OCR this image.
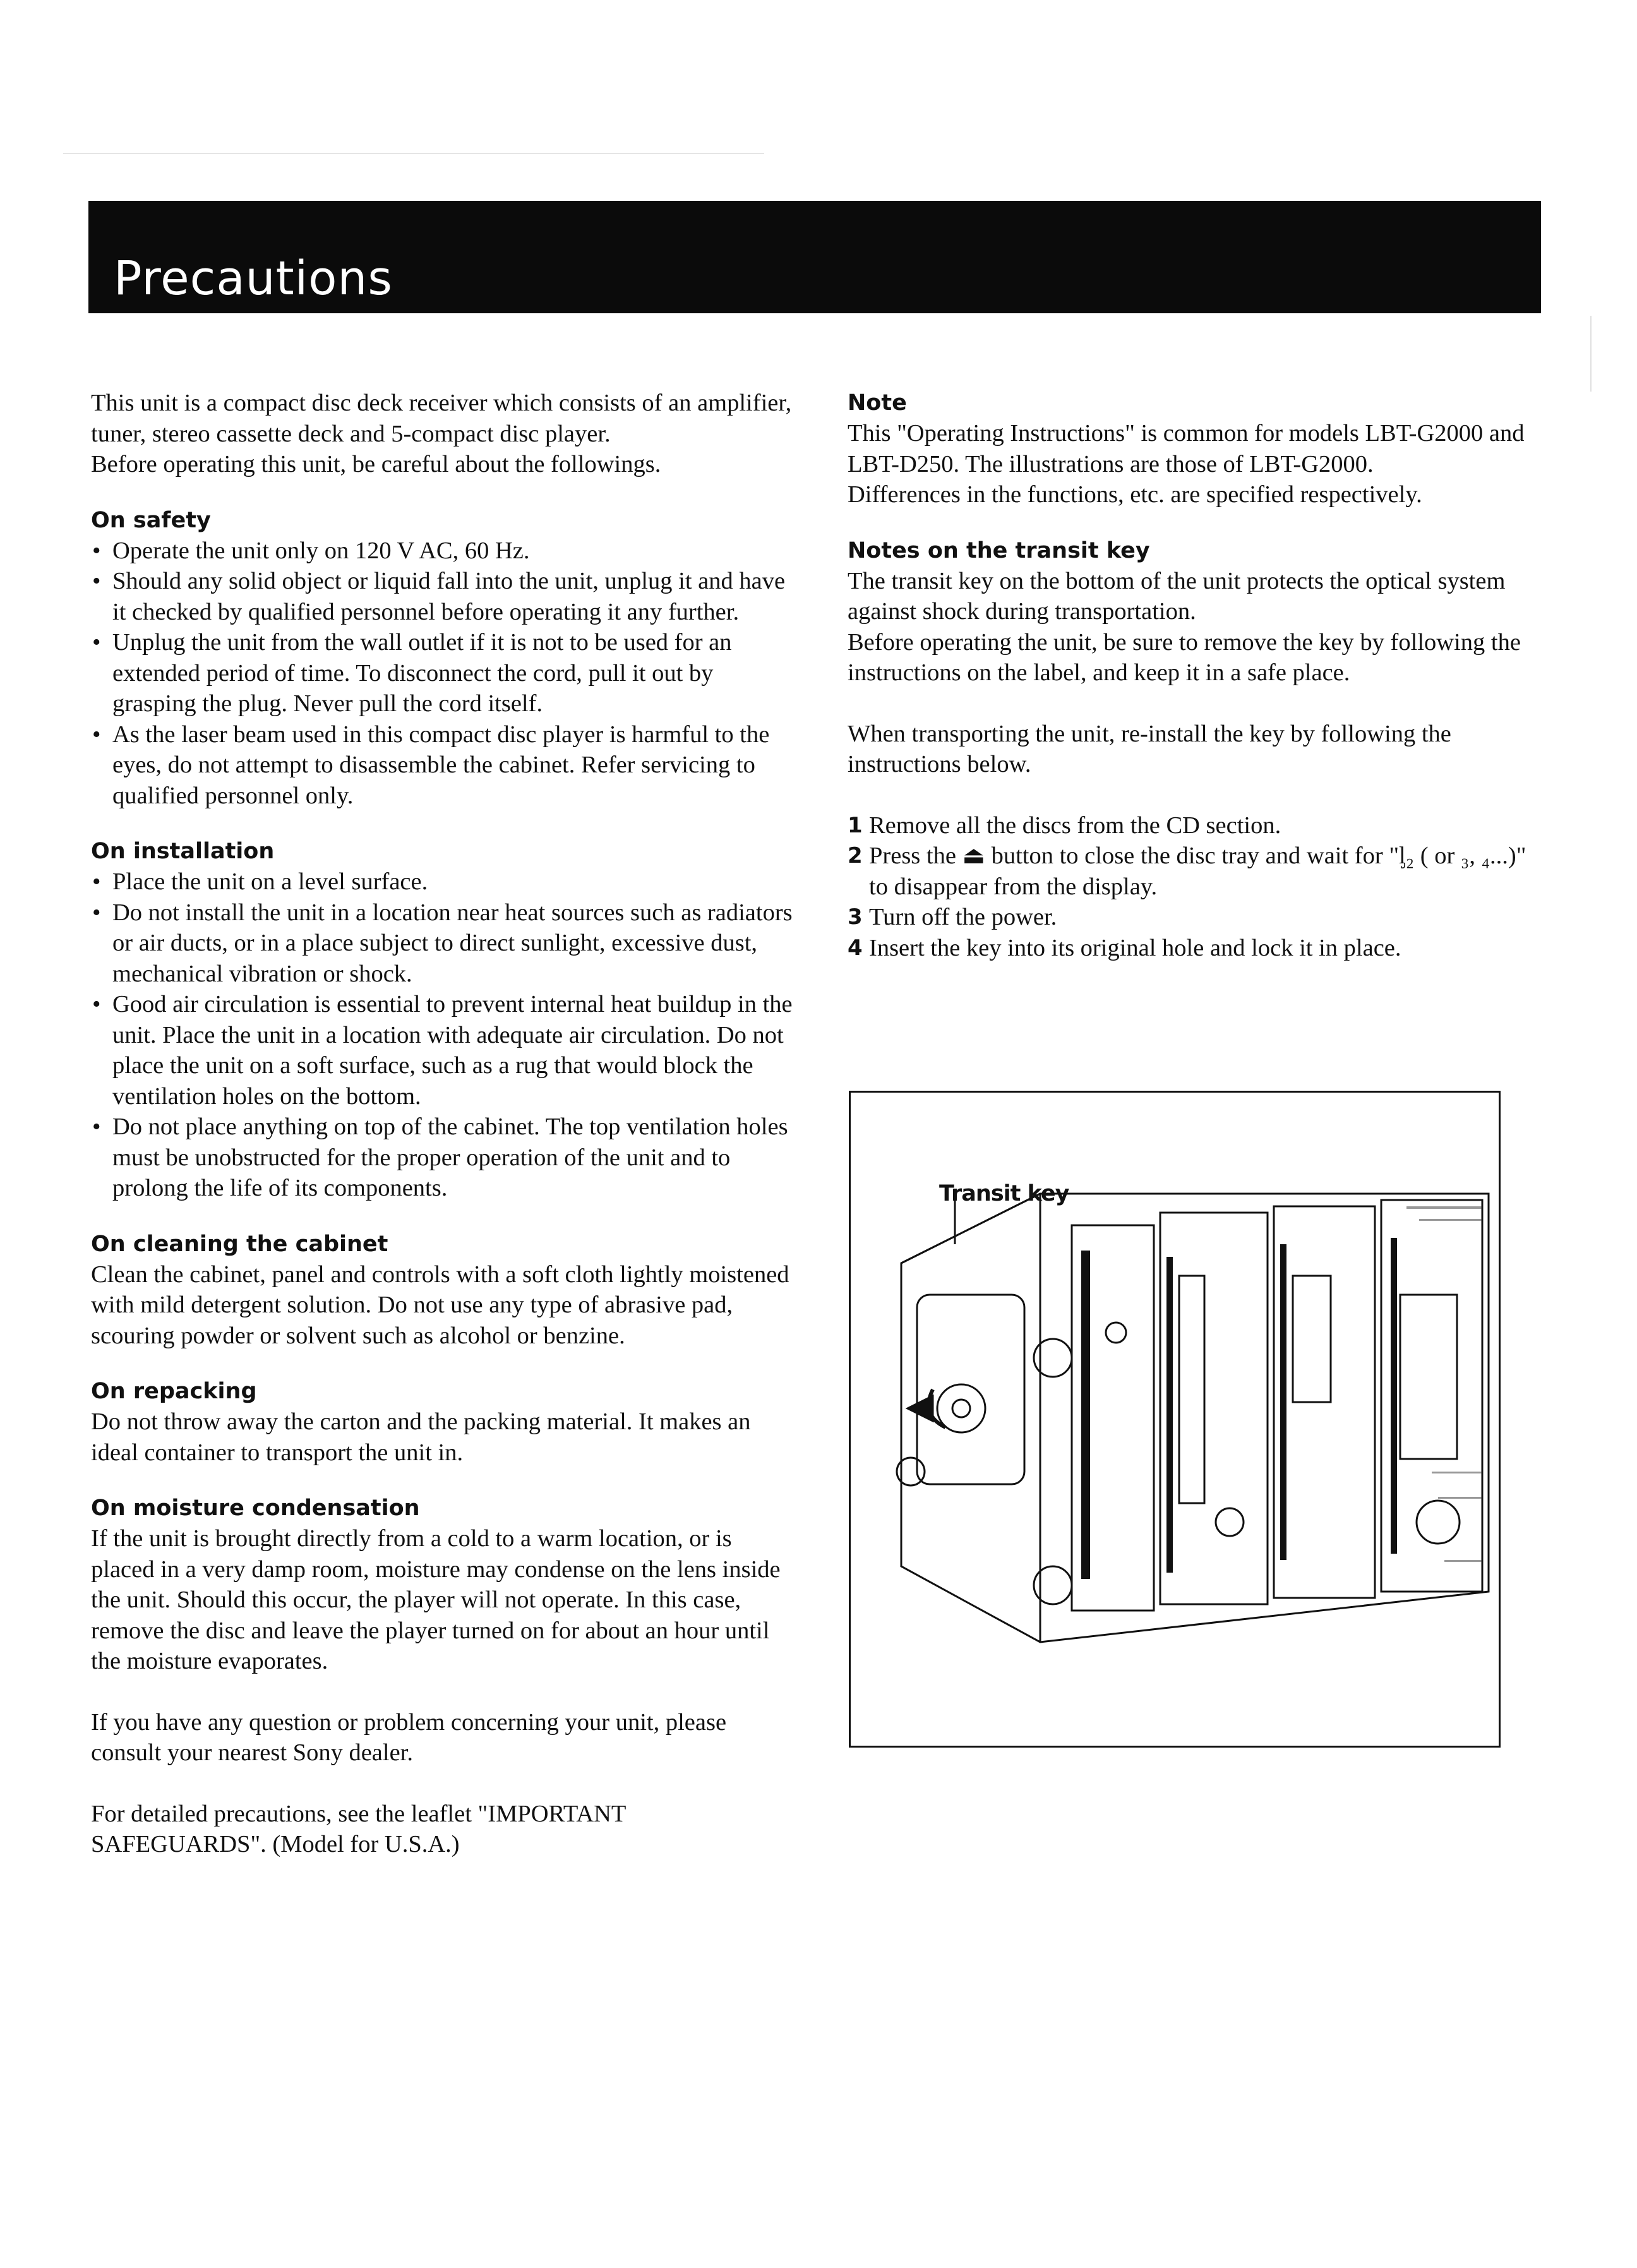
Precautions

This unit is a compact disc deck receiver which consists of an amplifier, tuner, stereo cassette deck and 5-compact disc player.

Before operating this unit, be careful about the followings.

On safety

• Operate the unit only on 120 V AC, 60 Hz.
• Should any solid object or liquid fall into the unit, unplug it and have it checked by qualified personnel before operating it any further.
• Unplug the unit from the wall outlet if it is not to be used for an extended period of time. To disconnect the cord, pull it out by grasping the plug. Never pull the cord itself.
• As the laser beam used in this compact disc player is harmful to the eyes, do not attempt to disassemble the cabinet. Refer servicing to qualified personnel only.

On installation

• Place the unit on a level surface.
• Do not install the unit in a location near heat sources such as radiators or air ducts, or in a place subject to direct sunlight, excessive dust, mechanical vibration or shock.
• Good air circulation is essential to prevent internal heat buildup in the unit. Place the unit in a location with adequate air circulation. Do not place the unit on a soft surface, such as a rug that would block the ventilation holes on the bottom.
• Do not place anything on top of the cabinet. The top ventilation holes must be unobstructed for the proper operation of the unit and to prolong the life of its components.

On cleaning the cabinet

Clean the cabinet, panel and controls with a soft cloth lightly moistened with mild detergent solution. Do not use any type of abrasive pad, scouring powder or solvent such as alcohol or benzine.

On repacking

Do not throw away the carton and the packing material. It makes an ideal container to transport the unit in.

On moisture condensation

If the unit is brought directly from a cold to a warm location, or is placed in a very damp room, moisture may condense on the lens inside the unit. Should this occur, the player will not operate. In this case, remove the disc and leave the player turned on for about an hour until the moisture evaporates.

If you have any question or problem concerning your unit, please consult your nearest Sony dealer.

For detailed precautions, see the leaflet "IMPORTANT SAFEGUARDS". (Model for U.S.A.)

Note

This "Operating Instructions" is common for models LBT-G2000 and LBT-D250. The illustrations are those of LBT-G2000.

Differences in the functions, etc. are specified respectively.

Notes on the transit key

The transit key on the bottom of the unit protects the optical system against shock during transportation.

Before operating the unit, be sure to remove the key by following the instructions on the label, and keep it in a safe place.

When transporting the unit, re-install the key by following the instructions below.

1 Remove all the discs from the CD section.
2 Press the ⏏ button to close the disc tray and wait for "ᶅ₂ ( or ₃, ₄...)" to disappear from the display.
3 Turn off the power.
4 Insert the key into its original hole and lock it in place.
Transit key
